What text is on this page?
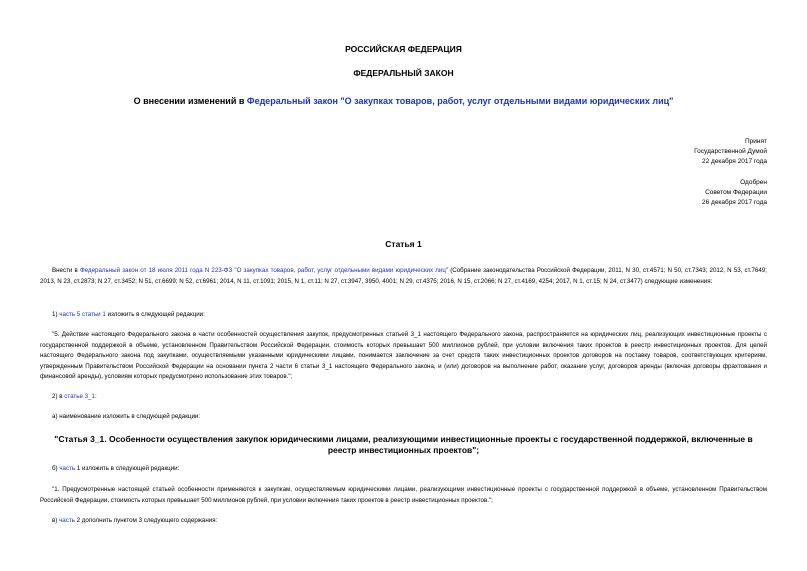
РОССИЙСКАЯ ФЕДЕРАЦИЯ
ФЕДЕРАЛЬНЫЙ ЗАКОН
О внесении изменений в Федеральный закон "О закупках товаров, работ, услуг отдельными видами юридических лиц"
Принят
Государственной Думой
22 декабря 2017 года
Одобрен
Советом Федерации
26 декабря 2017 года
Статья 1
Внести в Федеральный закон от 18 июля 2011 года N 223-ФЗ "О закупках товаров, работ, услуг отдельными видами юридических лиц" (Собрание законодательства Российской Федерации, 2011, N 30, ст.4571; N 50, ст.7343; 2012, N 53, ст.7649; 2013, N 23, ст.2873; N 27, ст.3452; N 51, ст.6699; N 52, ст.6961; 2014, N 11, ст.1091; 2015, N 1, ст.11; N 27, ст.3947, 3950, 4001; N 29, ст.4375; 2016, N 15, ст.2066; N 27, ст.4169, 4254; 2017, N 1, ст.15; N 24, ст.3477) следующие изменения:
1) часть 5 статьи 1 изложить в следующей редакции:
"5. Действие настоящего Федерального закона в части особенностей осуществления закупок, предусмотренных статьей 3_1 настоящего Федерального закона, распространяется на юридических лиц, реализующих инвестиционные проекты с государственной поддержкой в объеме, установленном Правительством Российской Федерации, стоимость которых превышает 500 миллионов рублей, при условии включения таких проектов в реестр инвестиционных проектов. Для целей настоящего Федерального закона под закупками, осуществляемыми указанными юридическими лицами, понимается заключение за счет средств таких инвестиционных проектов договоров на поставку товаров, соответствующих критериям, утвержденным Правительством Российской Федерации на основании пункта 2 части 6 статьи 3_1 настоящего Федерального закона, и (или) договоров на выполнение работ, оказание услуг, договоров аренды (включая договоры фрахтования и финансовой аренды), условиям которых предусмотрено использование этих товаров.";
2) в статье 3_1:
а) наименование изложить в следующей редакции:
"Статья 3_1. Особенности осуществления закупок юридическими лицами, реализующими инвестиционные проекты с государственной поддержкой, включенные в реестр инвестиционных проектов";
б) часть 1 изложить в следующей редакции:
"1. Предусмотренные настоящей статьей особенности применяются к закупкам, осуществляемым юридическими лицами, реализующими инвестиционные проекты с государственной поддержкой в объеме, установленном Правительством Российской Федерации, стоимость которых превышает 500 миллионов рублей, при условии включения таких проектов в реестр инвестиционных проектов.";
в) часть 2 дополнить пунктом 3 следующего содержания:
